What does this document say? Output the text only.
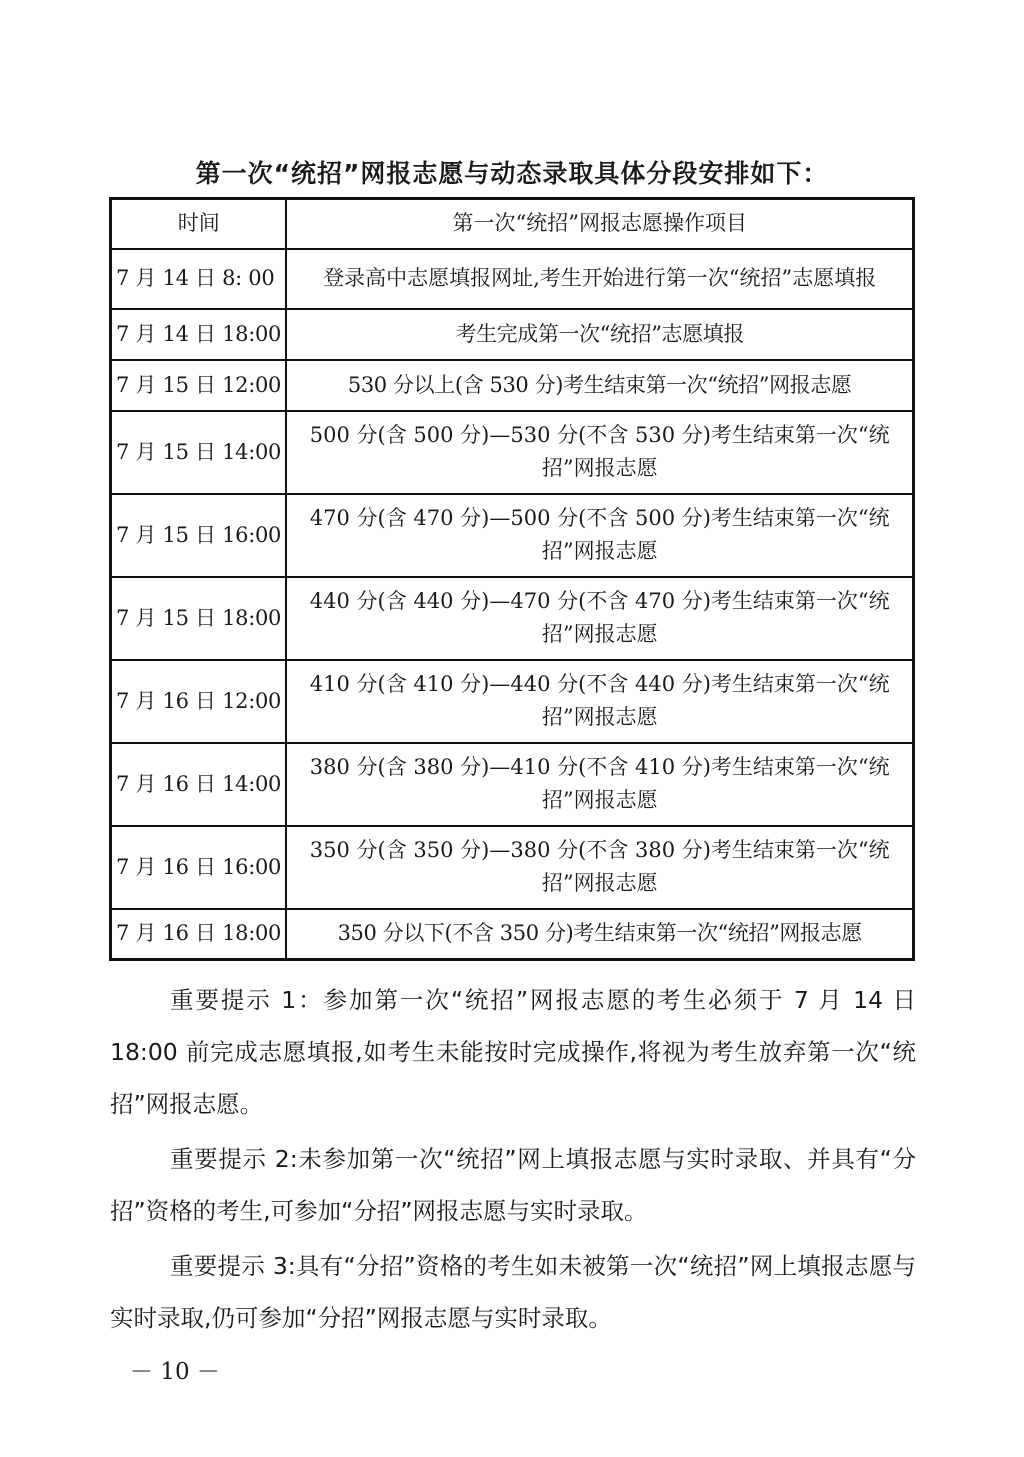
第一次“统招”网报志愿与动态录取具体分段安排如下：
时间	第一次“统招”网报志愿操作项目
7 月 14 日 8: 00	登录高中志愿填报网址,考生开始进行第一次“统招”志愿填报
7 月 14 日 18:00	考生完成第一次“统招”志愿填报
7 月 15 日 12:00	530 分以上(含 530 分)考生结束第一次“统招”网报志愿
7 月 15 日 14:00	500 分(含 500 分)—530 分(不含 530 分)考生结束第一次“统招”网报志愿
7 月 15 日 16:00	470 分(含 470 分)—500 分(不含 500 分)考生结束第一次“统招”网报志愿
7 月 15 日 18:00	440 分(含 440 分)—470 分(不含 470 分)考生结束第一次“统招”网报志愿
7 月 16 日 12:00	410 分(含 410 分)—440 分(不含 440 分)考生结束第一次“统招”网报志愿
7 月 16 日 14:00	380 分(含 380 分)—410 分(不含 410 分)考生结束第一次“统招”网报志愿
7 月 16 日 16:00	350 分(含 350 分)—380 分(不含 380 分)考生结束第一次“统招”网报志愿
7 月 16 日 18:00	350 分以下(不含 350 分)考生结束第一次“统招”网报志愿

重要提示 1：参加第一次“统招”网报志愿的考生必须于 7 月 14 日 18:00 前完成志愿填报,如考生未能按时完成操作,将视为考生放弃第一次“统招”网报志愿。

重要提示 2:未参加第一次“统招”网上填报志愿与实时录取、并具有“分招”资格的考生,可参加“分招”网报志愿与实时录取。

重要提示 3:具有“分招”资格的考生如未被第一次“统招”网上填报志愿与实时录取,仍可参加“分招”网报志愿与实时录取。

－ 10 －
